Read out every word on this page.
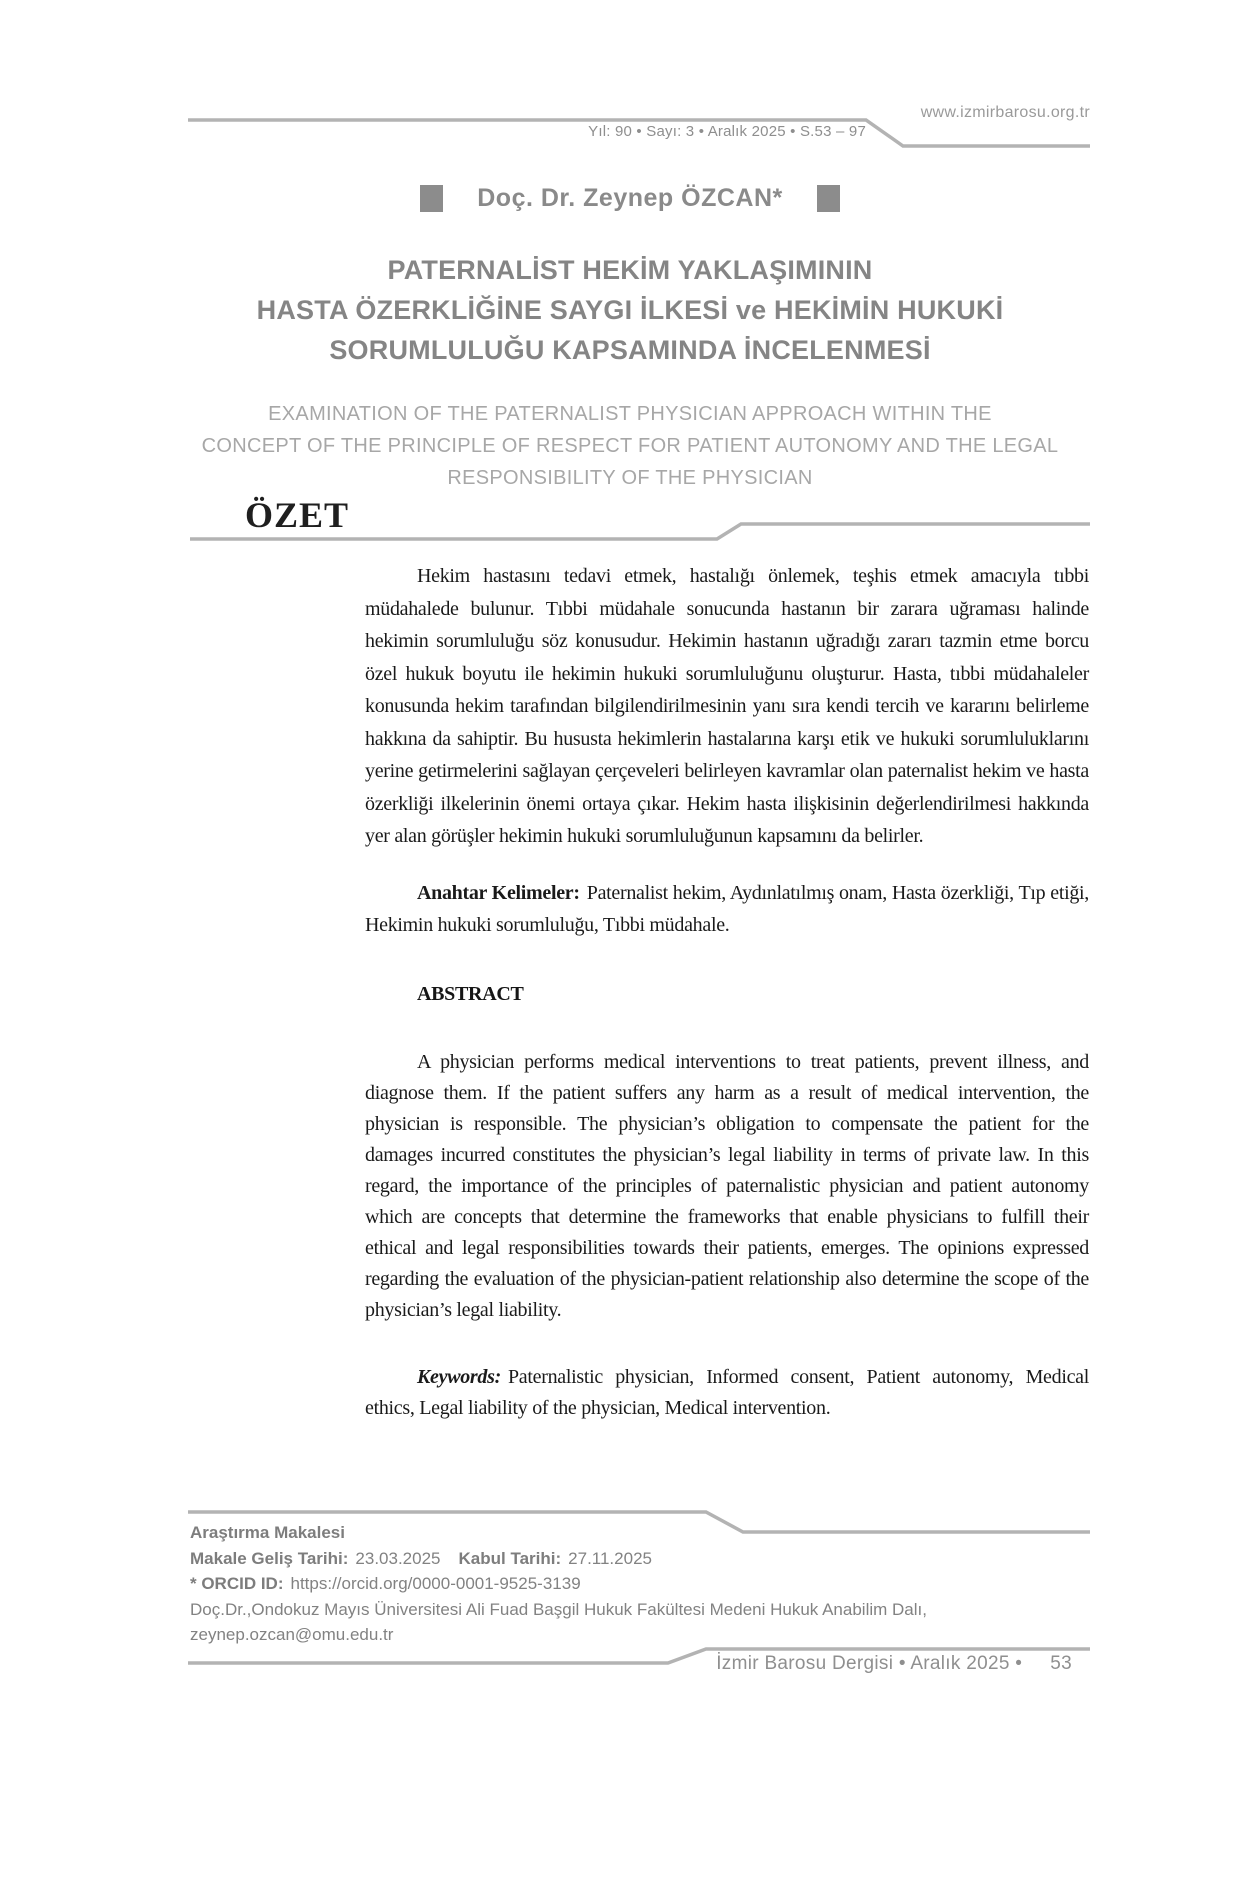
www.izmirbarosu.org.tr
Yıl: 90 • Sayı: 3 • Aralık 2025 • S.53 – 97
Doç. Dr. Zeynep ÖZCAN*
PATERNALİST HEKİM YAKLAŞIMININ
HASTA ÖZERKLİĞİNE SAYGI İLKESİ ve HEKİMİN HUKUKİ
SORUMLULUĞU KAPSAMINDA İNCELENMESİ
EXAMINATION OF THE PATERNALIST PHYSICIAN APPROACH WITHIN THE
CONCEPT OF THE PRINCIPLE OF RESPECT FOR PATIENT AUTONOMY AND THE LEGAL
RESPONSIBILITY OF THE PHYSICIAN
ÖZET

Hekim hastasını tedavi etmek, hastalığı önlemek, teşhis etmek amacıyla tıbbi müdahalede bulunur. Tıbbi müdahale sonucunda hastanın bir zarara uğraması halinde hekimin sorumluluğu söz konusudur. Hekimin hastanın uğradığı zararı tazmin etme borcu özel hukuk boyutu ile hekimin hukuki sorumluluğunu oluşturur. Hasta, tıbbi müdahaleler konusunda hekim tarafından bilgilendirilmesinin yanı sıra kendi tercih ve kararını belirleme hakkına da sahiptir. Bu hususta hekimlerin hastalarına karşı etik ve hukuki sorumluluklarını yerine getirmelerini sağlayan çerçeveleri belirleyen kavramlar olan paternalist hekim ve hasta özerkliği ilkelerinin önemi ortaya çıkar. Hekim hasta ilişkisinin değerlendirilmesi hakkında yer alan görüşler hekimin hukuki sorumluluğunun kapsamını da belirler.

Anahtar Kelimeler: Paternalist hekim, Aydınlatılmış onam, Hasta özerkliği, Tıp etiği, Hekimin hukuki sorumluluğu, Tıbbi müdahale.

ABSTRACT

A physician performs medical interventions to treat patients, prevent illness, and diagnose them. If the patient suffers any harm as a result of medical intervention, the physician is responsible. The physician’s obligation to compensate the patient for the damages incurred constitutes the physician’s legal liability in terms of private law. In this regard, the importance of the principles of paternalistic physician and patient autonomy which are concepts that determine the frameworks that enable physicians to fulfill their ethical and legal responsibilities towards their patients, emerges. The opinions expressed regarding the evaluation of the physician-patient relationship also determine the scope of the physician’s legal liability.

Keywords: Paternalistic physician, Informed consent, Patient autonomy, Medical ethics, Legal liability of the physician, Medical intervention.

Araştırma Makalesi
Makale Geliş Tarihi: 23.03.2025 Kabul Tarihi: 27.11.2025
* ORCID ID: https://orcid.org/0000-0001-9525-3139
Doç.Dr.,Ondokuz Mayıs Üniversitesi Ali Fuad Başgil Hukuk Fakültesi Medeni Hukuk Anabilim Dalı,
zeynep.ozcan@omu.edu.tr
İzmir Barosu Dergisi • Aralık 2025 • 53
